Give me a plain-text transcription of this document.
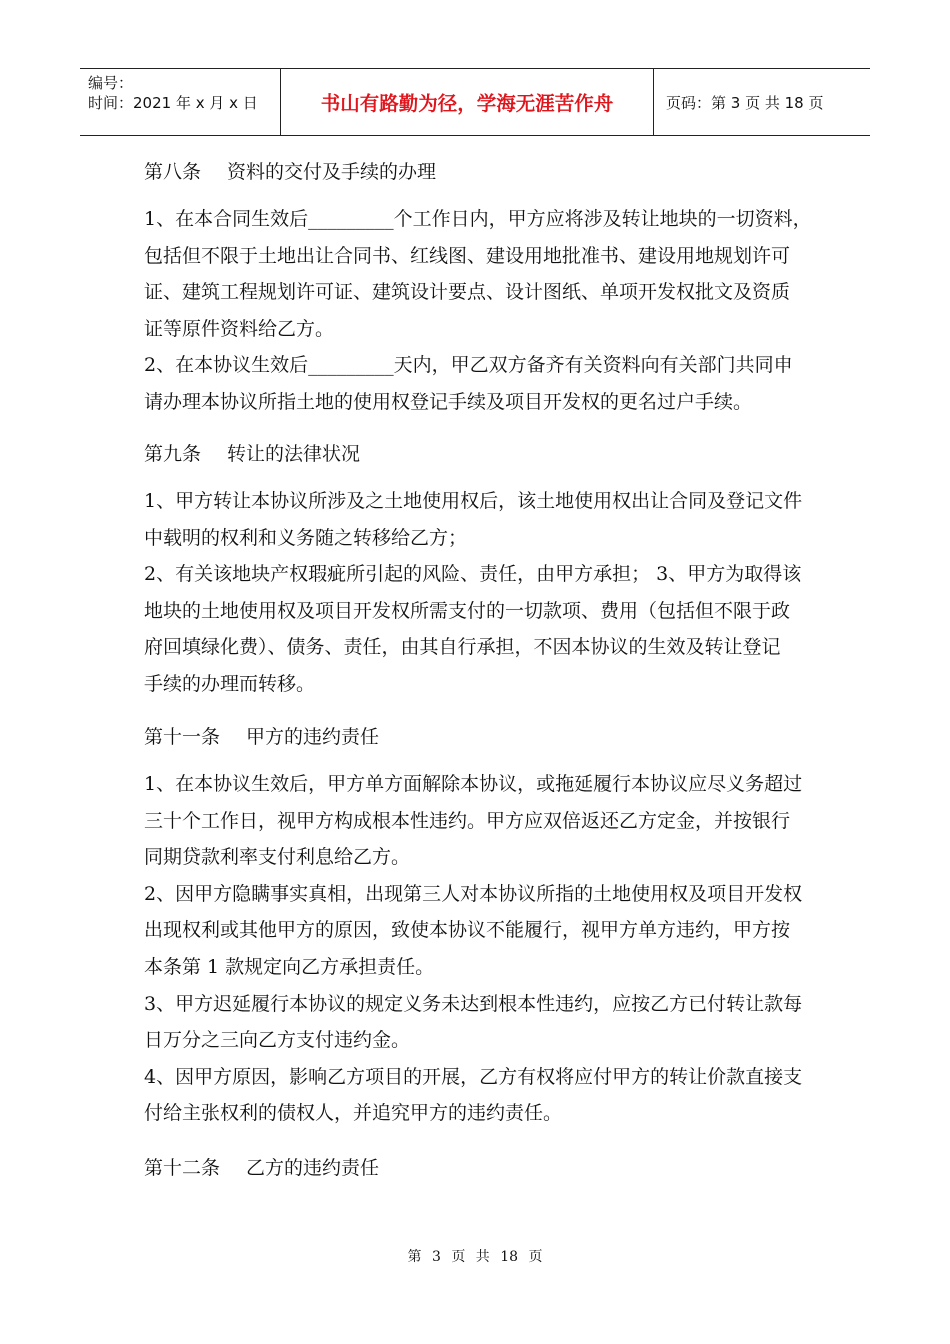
编号：
时间：2021 年 x 月 x 日	书山有路勤为径，学海无涯苦作舟	页码：第 3 页 共 18 页
第八条 资料的交付及手续的办理
1、在本合同生效后_________个工作日内，甲方应将涉及转让地块的一切资料，
包括但不限于土地出让合同书、红线图、建设用地批准书、建设用地规划许可
证、建筑工程规划许可证、建筑设计要点、设计图纸、单项开发权批文及资质
证等原件资料给乙方。
2、在本协议生效后_________天内，甲乙双方备齐有关资料向有关部门共同申
请办理本协议所指土地的使用权登记手续及项目开发权的更名过户手续。
第九条 转让的法律状况
1、甲方转让本协议所涉及之土地使用权后，该土地使用权出让合同及登记文件
中载明的权利和义务随之转移给乙方；
2、有关该地块产权瑕疵所引起的风险、责任，由甲方承担； 3、甲方为取得该
地块的土地使用权及项目开发权所需支付的一切款项、费用（包括但不限于政
府回填绿化费）、债务、责任，由其自行承担，不因本协议的生效及转让登记
手续的办理而转移。
第十一条 甲方的违约责任
1、在本协议生效后，甲方单方面解除本协议，或拖延履行本协议应尽义务超过
三十个工作日，视甲方构成根本性违约。甲方应双倍返还乙方定金，并按银行
同期贷款利率支付利息给乙方。
2、因甲方隐瞒事实真相，出现第三人对本协议所指的土地使用权及项目开发权
出现权利或其他甲方的原因，致使本协议不能履行，视甲方单方违约，甲方按
本条第 1 款规定向乙方承担责任。
3、甲方迟延履行本协议的规定义务未达到根本性违约，应按乙方已付转让款每
日万分之三向乙方支付违约金。
4、因甲方原因，影响乙方项目的开展，乙方有权将应付甲方的转让价款直接支
付给主张权利的债权人，并追究甲方的违约责任。
第十二条 乙方的违约责任
第 3 页 共 18 页
